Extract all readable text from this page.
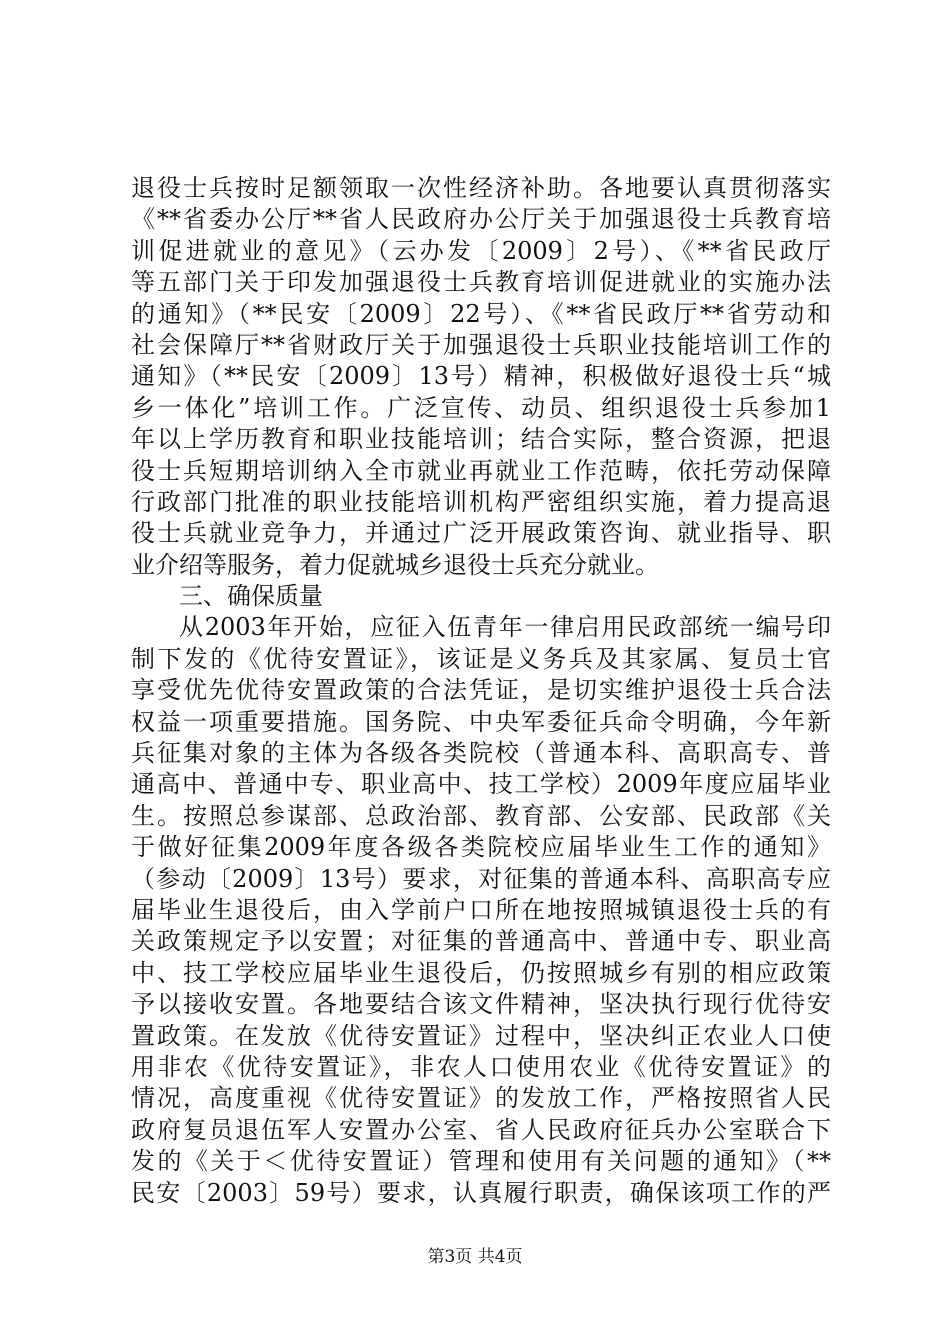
退役士兵按时足额领取一次性经济补助。各地要认真贯彻落实
《**省委办公厅**省人民政府办公厅关于加强退役士兵教育培
训促进就业的意见》（云办发〔2009〕2号）、《**省民政厅
等五部门关于印发加强退役士兵教育培训促进就业的实施办法
的通知》（**民安〔2009〕22号）、《**省民政厅**省劳动和
社会保障厅**省财政厅关于加强退役士兵职业技能培训工作的
通知》（**民安〔2009〕13号）精神，积极做好退役士兵“城
乡一体化”培训工作。广泛宣传、动员、组织退役士兵参加1
年以上学历教育和职业技能培训；结合实际，整合资源，把退
役士兵短期培训纳入全市就业再就业工作范畴，依托劳动保障
行政部门批准的职业技能培训机构严密组织实施，着力提高退
役士兵就业竞争力，并通过广泛开展政策咨询、就业指导、职
业介绍等服务，着力促就城乡退役士兵充分就业。
三、确保质量
从2003年开始，应征入伍青年一律启用民政部统一编号印
制下发的《优待安置证》，该证是义务兵及其家属、复员士官
享受优先优待安置政策的合法凭证，是切实维护退役士兵合法
权益一项重要措施。国务院、中央军委征兵命令明确，今年新
兵征集对象的主体为各级各类院校（普通本科、高职高专、普
通高中、普通中专、职业高中、技工学校）2009年度应届毕业
生。按照总参谋部、总政治部、教育部、公安部、民政部《关
于做好征集2009年度各级各类院校应届毕业生工作的通知》
（参动〔2009〕13号）要求，对征集的普通本科、高职高专应
届毕业生退役后，由入学前户口所在地按照城镇退役士兵的有
关政策规定予以安置；对征集的普通高中、普通中专、职业高
中、技工学校应届毕业生退役后，仍按照城乡有别的相应政策
予以接收安置。各地要结合该文件精神，坚决执行现行优待安
置政策。在发放《优待安置证》过程中，坚决纠正农业人口使
用非农《优待安置证》，非农人口使用农业《优待安置证》的
情况，高度重视《优待安置证》的发放工作，严格按照省人民
政府复员退伍军人安置办公室、省人民政府征兵办公室联合下
发的《关于＜优待安置证）管理和使用有关问题的通知》（**
民安〔2003〕59号）要求，认真履行职责，确保该项工作的严
第3页 共4页
